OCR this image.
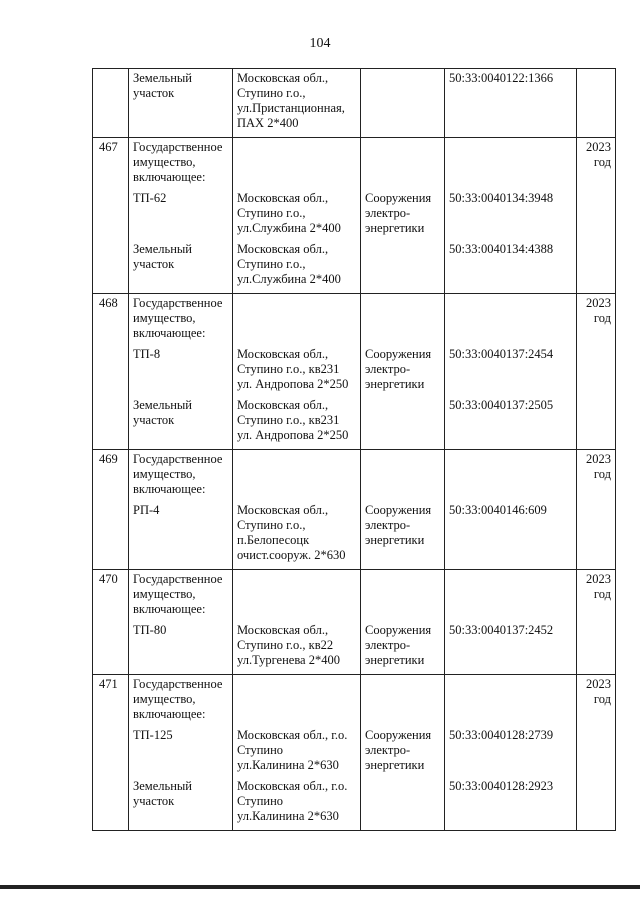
104
	Земельный
участок	Московская обл.,
Ступино г.о.,
ул.Пристанционная,
ПАХ 2*400		50:33:0040122:1366	
467	Государственное
имущество,
включающее:				2023
год
	ТП-62	Московская обл.,
Ступино г.о.,
ул.Службина 2*400	Сооружения
электро-
энергетики	50:33:0040134:3948	
	Земельный
участок	Московская обл.,
Ступино г.о.,
ул.Службина 2*400		50:33:0040134:4388	
468	Государственное
имущество,
включающее:				2023
год
	ТП-8	Московская обл.,
Ступино г.о., кв231
ул. Андропова 2*250	Сооружения
электро-
энергетики	50:33:0040137:2454	
	Земельный
участок	Московская обл.,
Ступино г.о., кв231
ул. Андропова 2*250		50:33:0040137:2505	
469	Государственное
имущество,
включающее:				2023
год
	РП-4	Московская обл.,
Ступино г.о.,
п.Белопесоцк
очист.сооруж. 2*630	Сооружения
электро-
энергетики	50:33:0040146:609	
470	Государственное
имущество,
включающее:				2023
год
	ТП-80	Московская обл.,
Ступино г.о., кв22
ул.Тургенева 2*400	Сооружения
электро-
энергетики	50:33:0040137:2452	
471	Государственное
имущество,
включающее:				2023
год
	ТП-125	Московская обл., г.о.
Ступино
ул.Калинина 2*630	Сооружения
электро-
энергетики	50:33:0040128:2739	
	Земельный
участок	Московская обл., г.о.
Ступино
ул.Калинина 2*630		50:33:0040128:2923	
